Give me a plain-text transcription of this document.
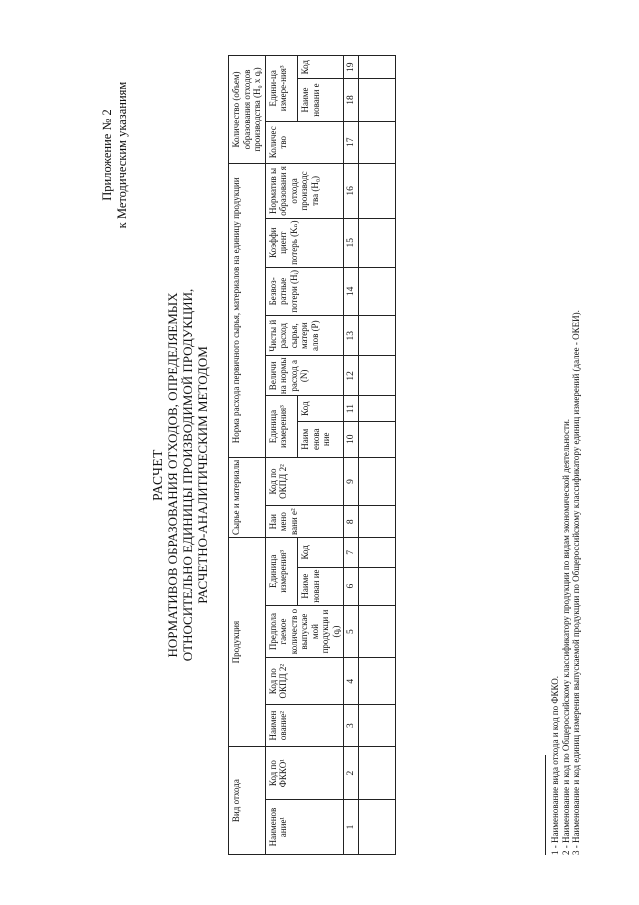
Приложение № 2 к Методическим указаниям
РАСЧЕТ НОРМАТИВОВ ОБРАЗОВАНИЯ ОТХОДОВ, ОПРЕДЕЛЯЕМЫХ ОТНОСИТЕЛЬНО ЕДИНИЦЫ ПРОИЗВОДИМОЙ ПРОДУКЦИИ, РАСЧЕТНО-АНАЛИТИЧЕСКИМ МЕТОДОМ
Вид отхода		Продукция					Сырье и материалы		Норма расхода первичного сырья, материалов на единицу продукции							Количество (объем) образования отходов производства (Н₀ x qᵢ)		
Наименов ание¹	Код по ФККО¹	Наимен ование²	Код по ОКПД 2²	Предпола гаемое количеств о выпускае мой продукци и (qᵢ)	Единица измерения³		Наи мено вани е²	Код по ОКПД 2²	Единица измерения³		Величи на нормы расход а (N)	Чисты й расход сырья, матери алов (P)	Безвоз-ратные потери (Hᵢ)	Коэффи циент потерь (Kₙ)	Норматив ы образовани я отхода производс тва (H₀)	Количес тво	Едини-ца измере-ния³	
					Наиме нован ие	Код			Наим енова ние	Код							Наиме новани е	Код
1	2	3	4	5	6	7	8	9	10	11	12	13	14	15	16	17	18	19

1 - Наименование вида отхода и код по ФККО. 2 - Наименование и код по Общероссийскому классификатору продукции по видам экономической деятельности. 3 - Наименование и код единиц измерения выпускаемой продукции по Общероссийскому классификатору единиц измерений (далее - ОКЕИ).
